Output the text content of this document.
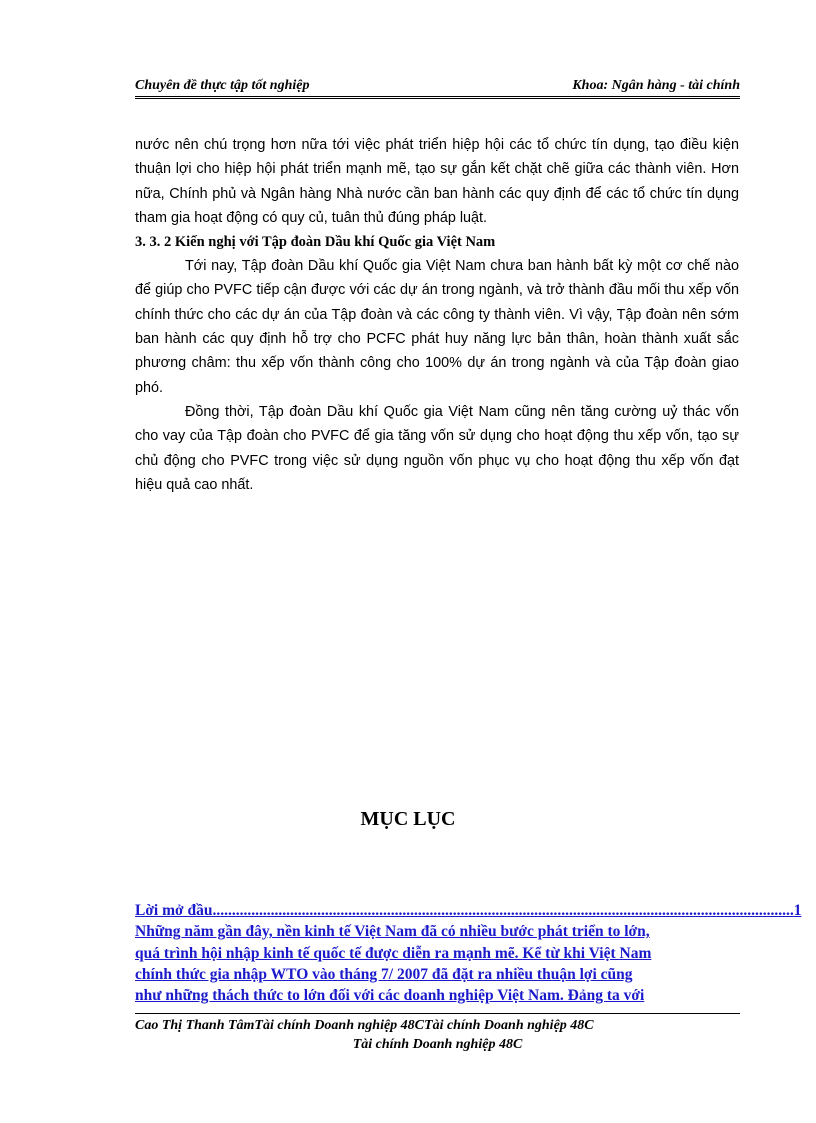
Chuyên đề thực tập tốt nghiệp	Khoa: Ngân hàng - tài chính

nước nên chú trọng hơn nữa tới việc phát triển hiệp hội các tổ chức tín dụng, tạo điều kiện thuận lợi cho hiệp hội phát triển mạnh mẽ, tạo sự gắn kết chặt chẽ giữa các thành viên. Hơn nữa, Chính phủ và Ngân hàng Nhà nước cần ban hành các quy định để các tổ chức tín dụng tham gia hoạt động có quy củ, tuân thủ đúng pháp luật.

3. 3. 2 Kiến nghị với Tập đoàn Dầu khí Quốc gia Việt Nam

Tới nay, Tập đoàn Dầu khí Quốc gia Việt Nam chưa ban hành bất kỳ một cơ chế nào để giúp cho PVFC tiếp cận được với các dự án trong ngành, và trở thành đầu mối thu xếp vốn chính thức cho các dự án của Tập đoàn và các công ty thành viên. Vì vậy, Tập đoàn nên sớm ban hành các quy định hỗ trợ cho PCFC phát huy năng lực bản thân, hoàn thành xuất sắc phương châm: thu xếp vốn thành công cho 100% dự án trong ngành và của Tập đoàn giao phó.

Đồng thời, Tập đoàn Dầu khí Quốc gia Việt Nam cũng nên tăng cường uỷ thác vốn cho vay của Tập đoàn cho PVFC để gia tăng vốn sử dụng cho hoạt động thu xếp vốn, tạo sự chủ động cho PVFC trong việc sử dụng nguồn vốn phục vụ cho hoạt động thu xếp vốn đạt hiệu quả cao nhất.

MỤC LỤC
Lời mở đầu ...................................................................................................................................................... 1
Những năm gần đây, nền kinh tế Việt Nam đã có nhiều bước phát triển to lớn,
quá trình hội nhập kinh tế quốc tế được diễn ra mạnh mẽ. Kể từ khi Việt Nam
chính thức gia nhập WTO vào tháng 7/ 2007 đã đặt ra nhiều thuận lợi cũng
như những thách thức to lớn đối với các doanh nghiệp Việt Nam. Đảng ta với
Cao Thị Thanh TâmTài chính Doanh nghiệp 48CTài chính Doanh nghiệp 48C
Tài chính Doanh nghiệp 48C
